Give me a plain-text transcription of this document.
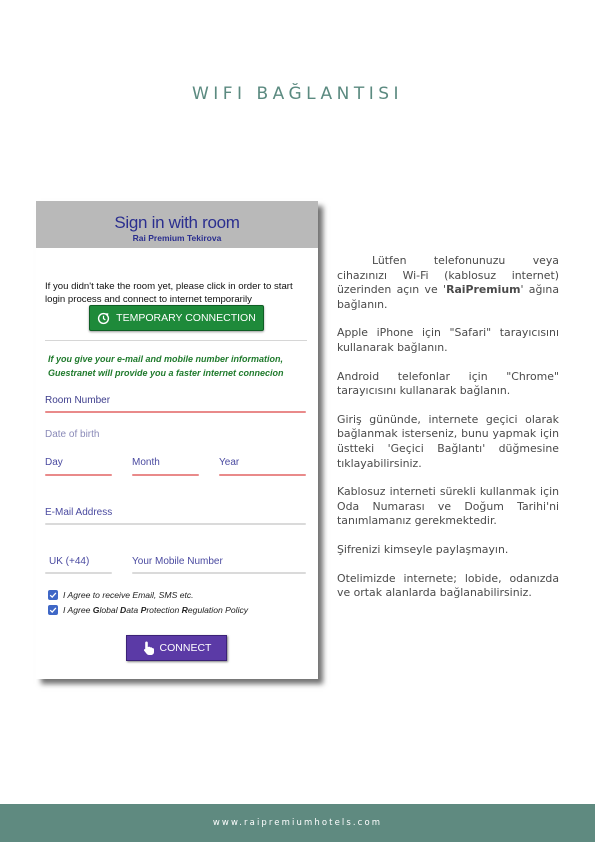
WIFI BAĞLANTISI
Sign in with room
Rai Premium Tekirova
If you didn't take the room yet, please click in order to start login process and connect to internet temporarily
TEMPORARY CONNECTION
If you give your e-mail and mobile number information, Guestranet will provide you a faster internet connecion
Room Number
Date of birth
Day	Month	Year
E-Mail Address
UK (+44)	Your Mobile Number
I Agree to receive Email, SMS etc.
I Agree Global Data Protection Regulation Policy
CONNECT

Lütfen telefonunuzu veya cihazınızı Wi-Fi (kablosuz internet) üzerinden açın ve 'RaiPremium' ağına bağlanın.

Apple iPhone için "Safari" tarayıcısını kullanarak bağlanın.

Android telefonlar için "Chrome" tarayıcısını kullanarak bağlanın.

Giriş gününde, internete geçici olarak bağlanmak isterseniz, bunu yapmak için üstteki 'Geçici Bağlantı' düğmesine tıklayabilirsiniz.

Kablosuz interneti sürekli kullanmak için Oda Numarası ve Doğum Tarihi'ni tanımlamanız gerekmektedir.

Şifrenizi kimseyle paylaşmayın.

Otelimizde internete; lobide, odanızda ve ortak alanlarda bağlanabilirsiniz.

www.raipremiumhotels.com
